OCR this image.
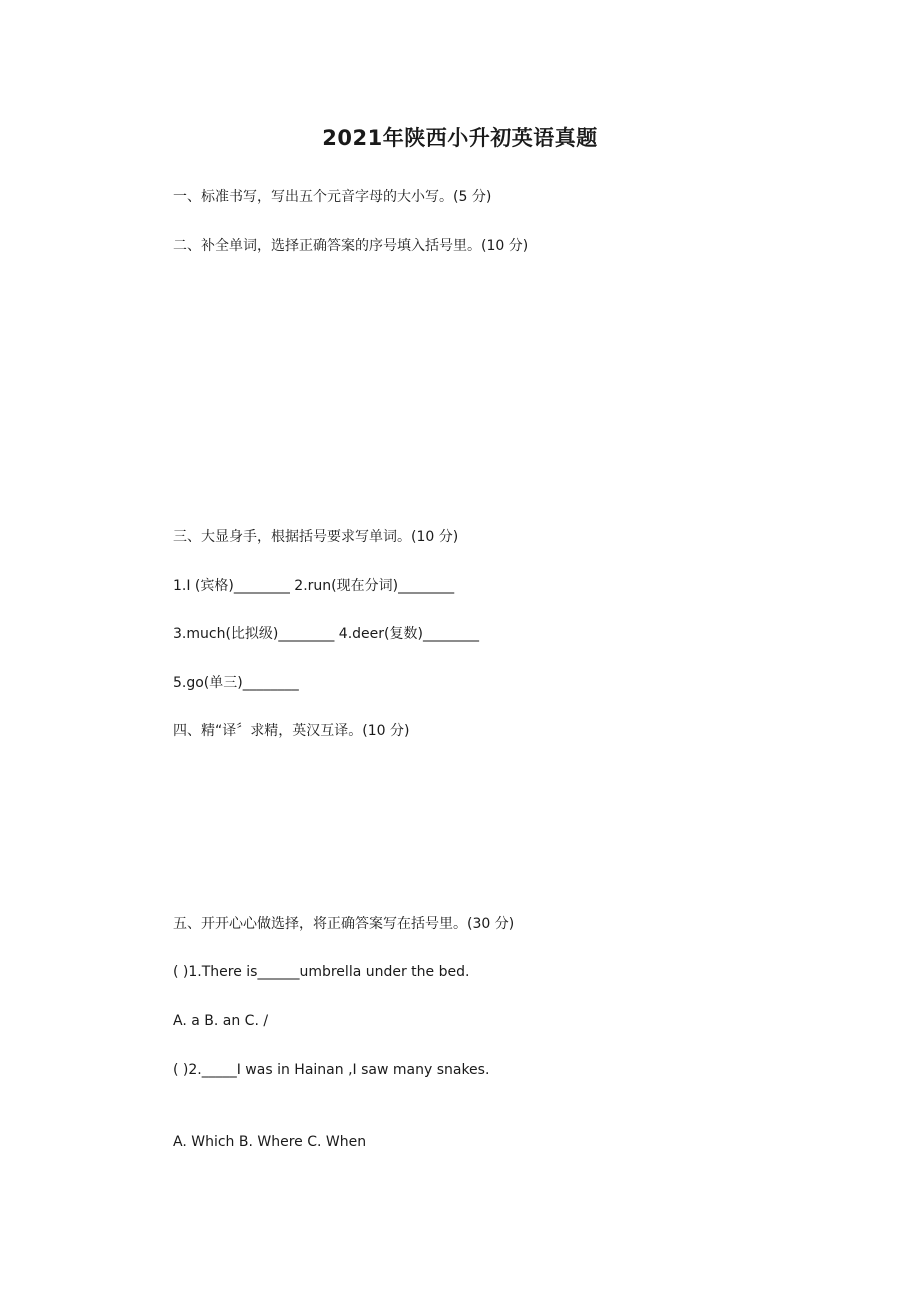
2021年陕西小升初英语真题
一、标准书写，写出五个元音字母的大小写。(5 分)
二、补全单词，选择正确答案的序号填入括号里。(10 分)
三、大显身手，根据括号要求写单词。(10 分)
1.I (宾格)________ 2.run(现在分词)________
3.much(比拟级)________ 4.deer(复数)________
5.go(单三)________
四、精“译〞求精，英汉互译。(10 分)
五、开开心心做选择，将正确答案写在括号里。(30 分)
( )1.There is______umbrella under the bed.
A. a B. an C. /
( )2._____I was in Hainan ,I saw many snakes.
A. Which B. Where C. When
